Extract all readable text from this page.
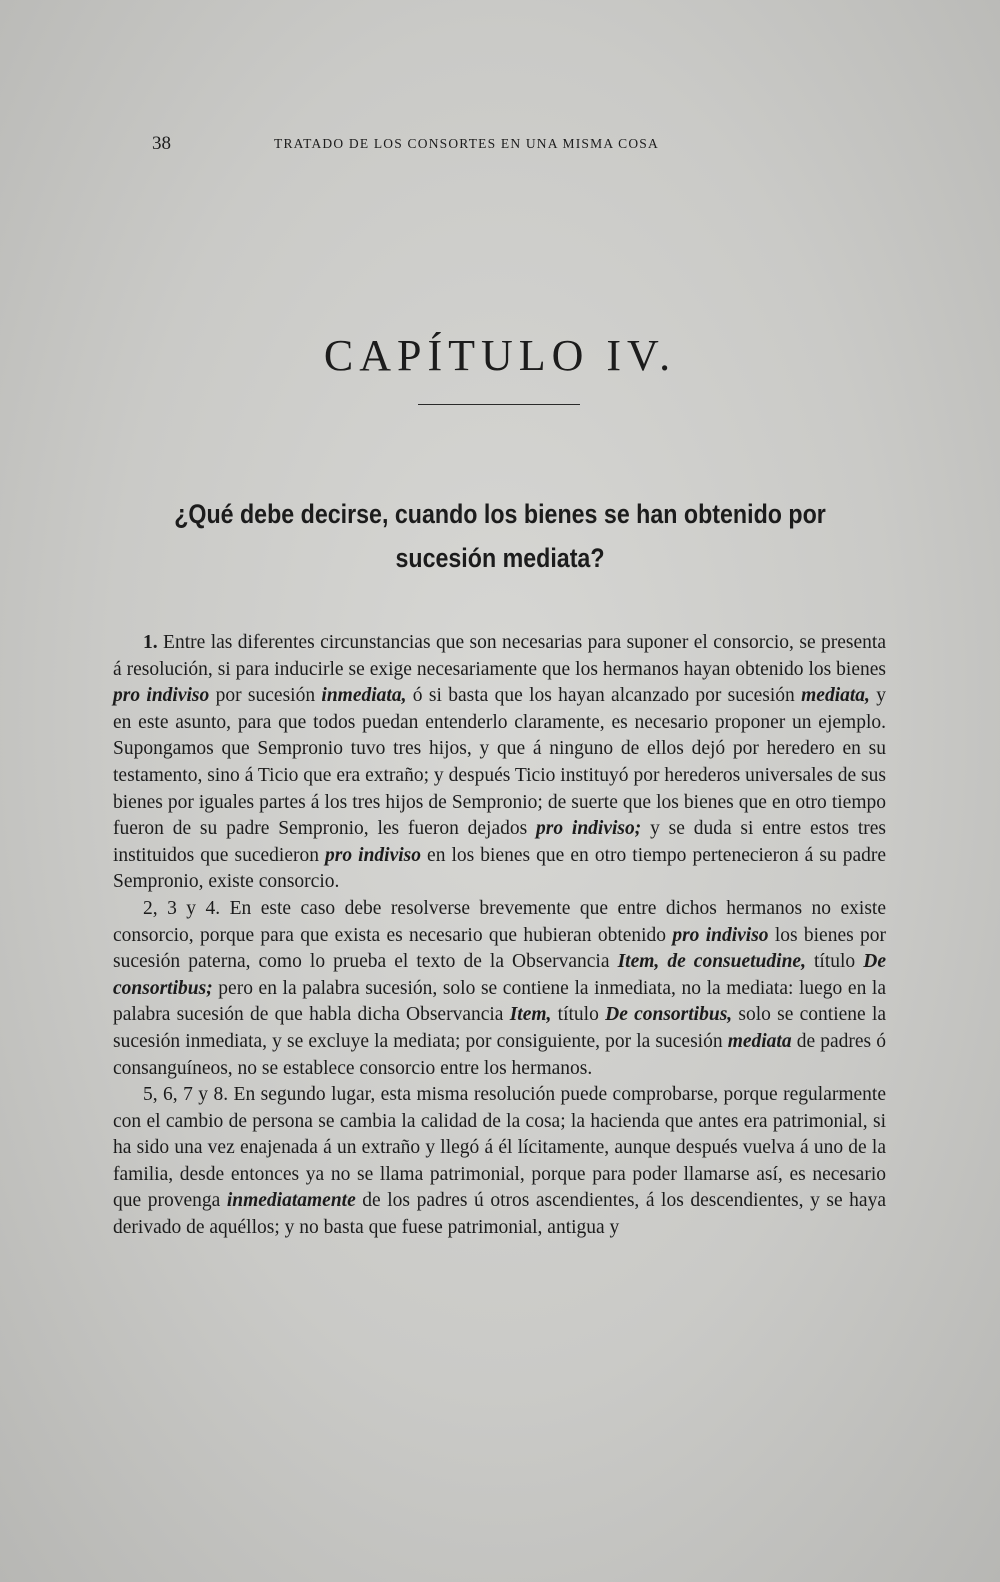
38	TRATADO DE LOS CONSORTES EN UNA MISMA COSA
CAPÍTULO IV.
¿Qué debe decirse, cuando los bienes se han obtenido por sucesión mediata?

1. Entre las diferentes circunstancias que son necesarias para suponer el consorcio, se presenta á resolución, si para inducirle se exige necesariamente que los hermanos hayan obtenido los bienes pro indiviso por sucesión inmediata, ó si basta que los hayan alcanzado por sucesión mediata, y en este asunto, para que todos puedan entenderlo claramente, es necesario proponer un ejemplo. Supongamos que Sempronio tuvo tres hijos, y que á ninguno de ellos dejó por heredero en su testamento, sino á Ticio que era extraño; y después Ticio instituyó por herederos universales de sus bienes por iguales partes á los tres hijos de Sempronio; de suerte que los bienes que en otro tiempo fueron de su padre Sempronio, les fueron dejados pro indiviso; y se duda si entre estos tres instituidos que sucedieron pro indiviso en los bienes que en otro tiempo pertenecieron á su padre Sempronio, existe consorcio.

2, 3 y 4. En este caso debe resolverse brevemente que entre dichos hermanos no existe consorcio, porque para que exista es necesario que hubieran obtenido pro indiviso los bienes por sucesión paterna, como lo prueba el texto de la Observancia Item, de consuetudine, título De consortibus; pero en la palabra sucesión, solo se contiene la inmediata, no la mediata: luego en la palabra sucesión de que habla dicha Observancia Item, título De consortibus, solo se contiene la sucesión inmediata, y se excluye la mediata; por consiguiente, por la sucesión mediata de padres ó consanguíneos, no se establece consorcio entre los hermanos.

5, 6, 7 y 8. En segundo lugar, esta misma resolución puede comprobarse, porque regularmente con el cambio de persona se cambia la calidad de la cosa; la hacienda que antes era patrimonial, si ha sido una vez enajenada á un extraño y llegó á él lícitamente, aunque después vuelva á uno de la familia, desde entonces ya no se llama patrimonial, porque para poder llamarse así, es necesario que provenga inmediatamente de los padres ú otros ascendientes, á los descendientes, y se haya derivado de aquéllos; y no basta que fuese patrimonial, antigua y
